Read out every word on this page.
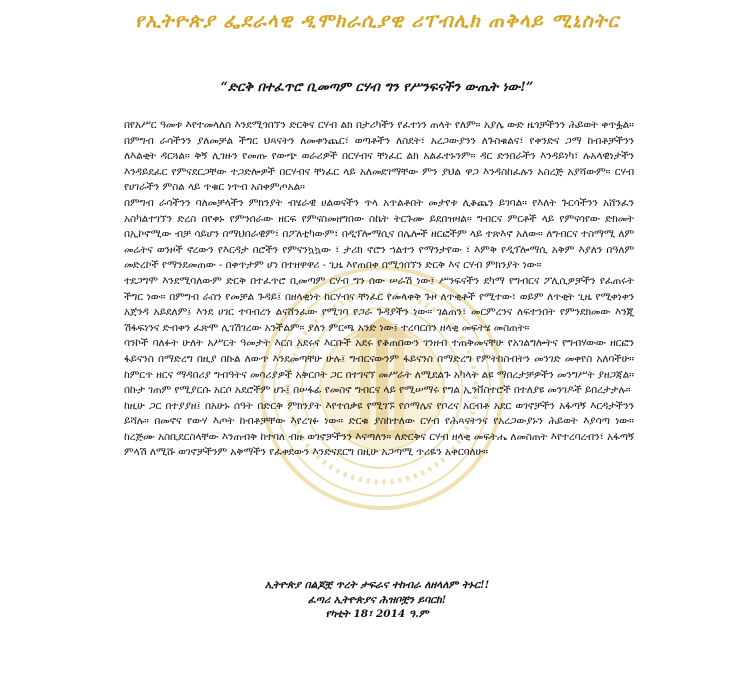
የኢትዮጵያ ፌደራላዊ ዲሞክራሲያዊ ሪፐብሊክ ጠቅላይ ሚኒስትር
“ድርቅ በተፈጥሮ ቢመጣም ርሃብ ግን የሥንፍናችን ውጤት ነው!”

በየአሥር ዓመቱ እየተመላለሰ እንደሚጎበኘን ድርቅና ርሃብ ልክ በታሪካችን የፈተነን ጠላት የለም። አያሌ ውድ ዜጎቻችንን ሕይወት ቀጥፏል። በምግብ ራሳችንን ያለመቻል ችግር ህጻናትን ለመቀንጨር፣ ወጣቶችን ለስደት፣ አረጋውያንን ለጉስቁልና፣ የቀንድና ጋማ ከብቶቻችንን ለእልቂት ዳርጓል። ቅኝ ሊገዙን የመጡ የውጭ ወራሪዎች በርሃብና ቸነፈር ልክ አልፈተኑንም። ዳር ድንበራችን እንዳይነካ፣ ሉአላዊነታችን እንዳይደፈር የምናደርጋቸው ተጋድሎዎች በርሃብና ቸነፈር ላይ አለመደገማቸው ምን ያህል ዋጋ እንዳስከፈሉን አስረጅ አያሻውም። ርሃብ የሀገራችን ምስል ላይ ጥቁር ነጥብ አስቀምጦአል።

በምግብ ራሳችንን ባለመቻላችን ምክንያት ብሄራዊ ሀልወናችን ጥላ አጥልቶበት መታየቱ ሊቆጨን ይገባል። የእለት ጉርሳችንን አሸንፈን አስካልተገኘን ድረስ በየቀኑ የምንሰራው ዘርፍ የምናስመዘግበው ስኬት ትርጉሙ ይደበዝዛል። ግብርና ምርቶች ላይ የምናሳየው ድክመት በኢኮኖሚው ብቻ ሳይሆን በማህበራዊም፣ በፖለቲካውም፣ በዲፕሎማሲና በሌሎች ዘርፎችም ላይ ተጽእኖ አለው። ለግብርና ተስማሚ ለም መሬትና ወንዞች ኖረውን የእርዳታ በሮችን የምናንኳኳው ፣ ታሪክ ኖሮን ኀልተን የማንታየው ፣ እምቅ የዲፕሎማሲ አቅም እያለን በዓለም መድረኮች የማንደመጠው - በቀጥታም ሆነ በተዘዋዋሪ - ጊዜ እየጠበቀ በሚጎበኘን ድርቅ እና ርሃብ ምክንያት ነው።

ተደጋግሞ እንደሚባለውም ድርቅ በተፈጥሮ ቢመጣም ርሃብ ግን ሰው ሠራሽ ነው፤ ሥንፍናችን ደካማ የግብርና ፖሊሲዎቻችን የፈጠሩት ችግር ነው። በምግብ ራስን የመቻል ጉዳይ፤ በዘላቂነት ከርሃብና ቸነፈር የመላቀቅ ጉዞ ለጥቂቶች የሚተው፣ ወይም ለጥቂት ጊዜ የሚቀነቀን አጀንዳ አይደለም፤ እንደ ሀገር ተባብረን ልናሸንፈው የሚገባ የጋራ ጉዳያችን ነው። ገልጠን፣ መርምረንና ለፍተንበት የምንደክመው እንጂ ሽፋፍነንና ድብቀን ፈጽሞ ሊገሽገረው አንችልም። ያለን ምርጫ አንድ ነው፤ ተረባርበን ዘላቂ መፍትሄ መስጠት።

ባንኮች ባለፉት ሁለት አሥርት ዓመታት እርስ አደሩና እርቡች አደሩ የቆጠበውን ገንዘብ ተጠቅመናቸሁ የአገልግሎትና የግብሃውው ዘርፎን ፋይናንስ በማድረግ በዚያ በኩል ለውጥ እንደመጣቸሁ ሁሉ፤ ግብርናውንም ፋይናንስ በማድረግ የምትከስብትን መንገድ መቀየስ አለባችሁ። ከምርጥ ዘርና ማዳበሪያ ግብዓትና መሳሪያዎች አቅርቦት ጋር በተገናኘ መሥራት ለሚደልጉ አካላት ልዩ ማበረታቻዎችን መንግሥት ያዘጋጃል። በኩታ ገጠም የሚያርሱ አርሶ አደሮችም ሆኑ፤ በሠፋፊ የመስኖ ግብርና ላይ የሚሠማሩ የግል ኢንቨስተሮች በተለያዩ መንገዶች ይበረታታሉ።

ከዚሁ ጋር በተያያዘ፤ በአሁኑ ሰዓት በድርቅ ምክንያት እየተሰቃዩ የሚገኙ የሶማሌና የቦረና አርብቶ አደር ወገኖቻችን አፋጣኝ እርዳታችንን ይሻሉ። በመኖና የውሃ እጦት ከብቶቻቸው እየረገፉ ነው። ድርቁ ያስከተለው ርሃብ የሕጻናትንና የአረጋውያኑን ሕይወት እያሳጣ ነው። ከረጅሙ አስቢደርስላቸው እንጠብቅ ከተባለ ብዙ ወገኖቻችንን እናጣለን። ለድርቅና ርሃብ ዘላቂ መፍትሔ ለመስጠት እየተረባረብን፣ አፋጣኝ ምላሽ ለሚሹ ወገኖቻችንም አቅማችን የፈቀደውን እንድናደርግ በዚሁ አጋጣሚ ጥሪዬን አቀርባለሁ።

ኢትዮጵያ በልጆቿ ጥረት ታፍራና ተከብራ ለዘላለም ትኑር!!
ፈጣሪ ኢትዮጵያና ሕዝቦቿን ይባርክ!
የካቲት 18፣ 2014 ዓ.ም
